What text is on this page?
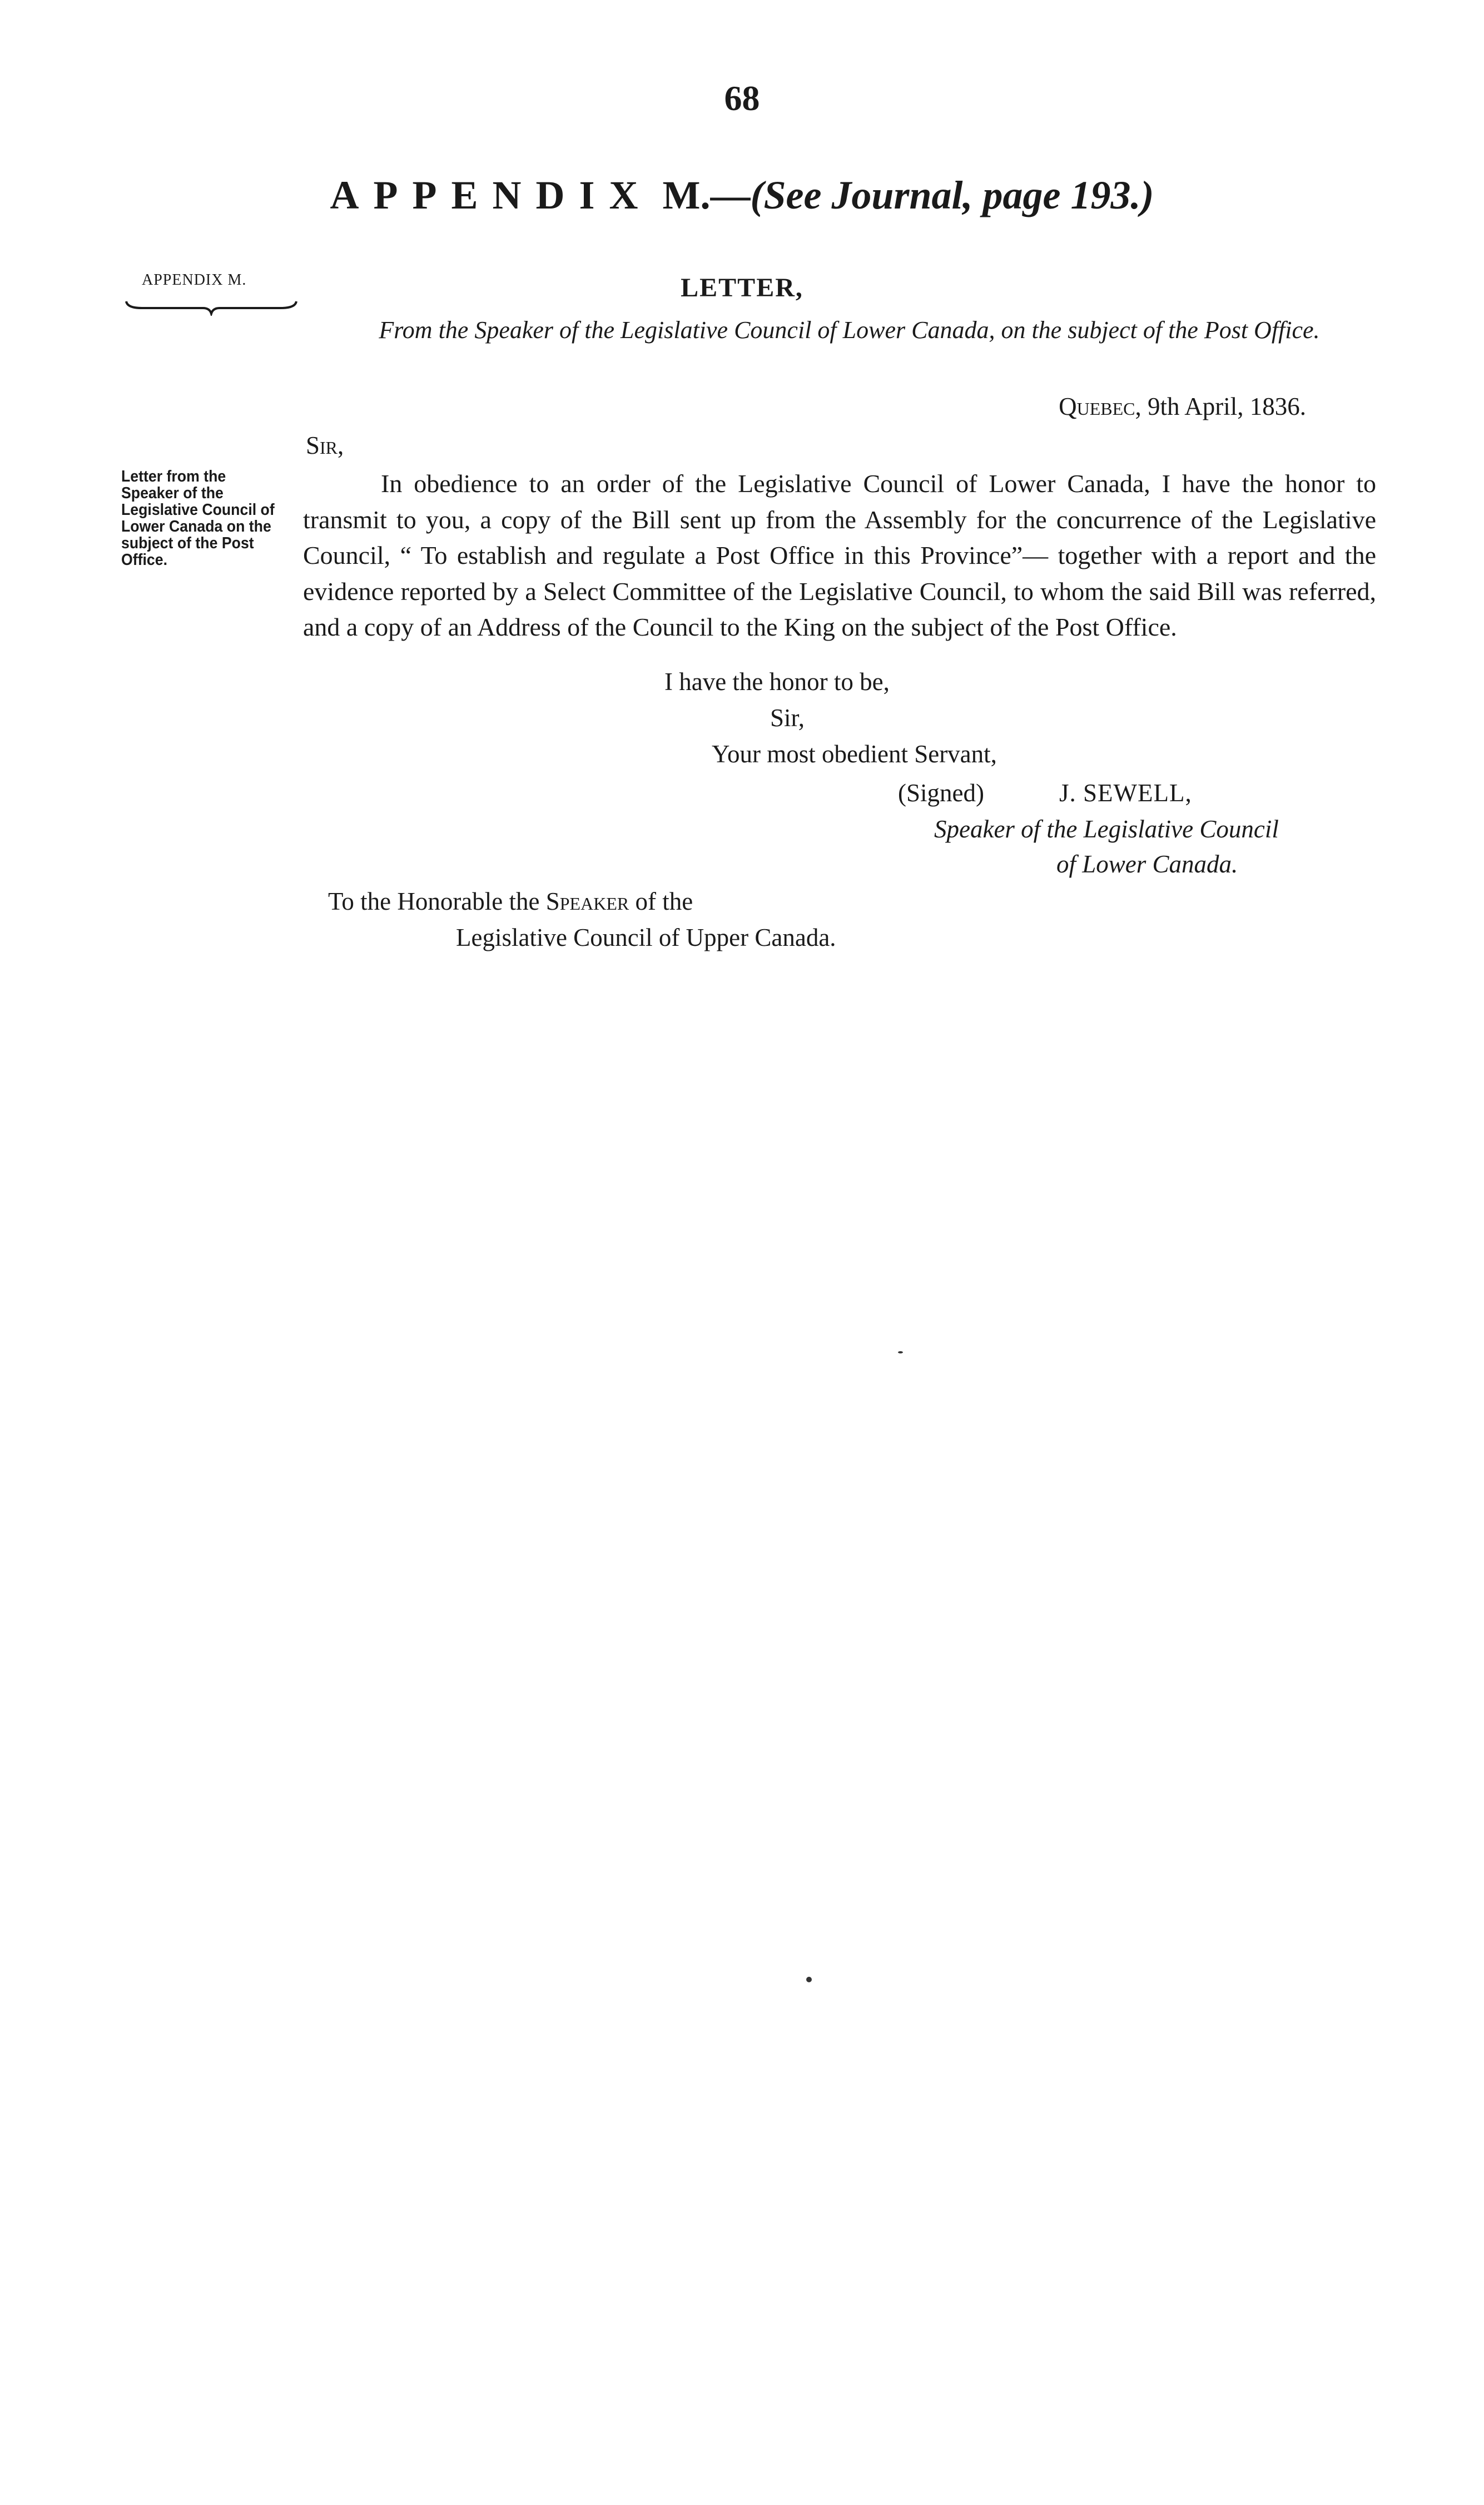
68
APPENDIX M.—(See Journal, page 193.)
APPENDIX M.
Letter from the Speaker of the Legislative Council of Lower Canada on the subject of the Post Office.
LETTER,
From the Speaker of the Legislative Council of Lower Canada, on the subject of the Post Office.
Quebec, 9th April, 1836.
Sir,
In obedience to an order of the Legislative Council of Lower Canada, I have the honor to transmit to you, a copy of the Bill sent up from the Assembly for the concurrence of the Legislative Council, “ To establish and regulate a Post Office in this Province”— together with a report and the evidence reported by a Select Committee of the Legislative Council, to whom the said Bill was referred, and a copy of an Address of the Council to the King on the subject of the Post Office.
I have the honor to be,
Sir,
Your most obedient Servant,
(Signed)	J. SEWELL,
Speaker of the Legislative Council
of Lower Canada.
To the Honorable the Speaker of the
Legislative Council of Upper Canada.
